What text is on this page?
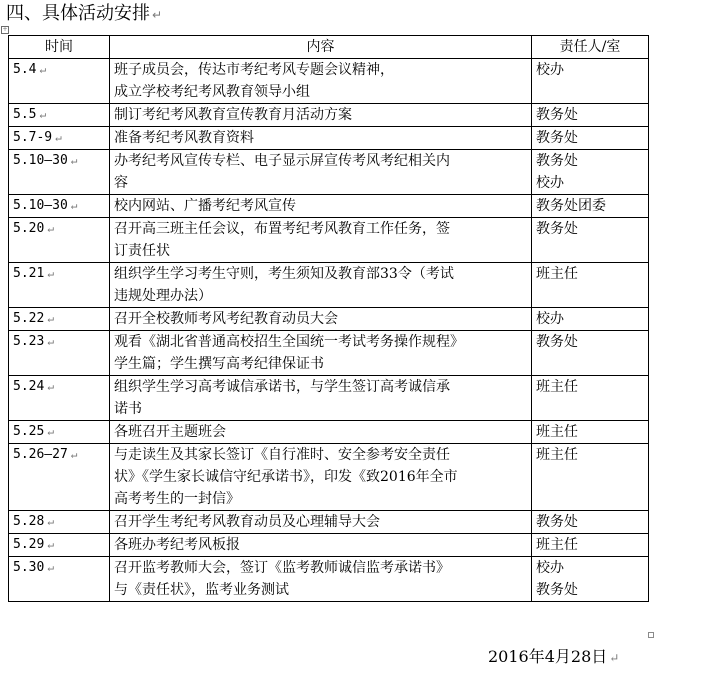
四、具体活动安排 ↵
+
时间	内容	责任人/室
5.4 ↵	班子成员会，传达市考纪考风专题会议精神，
成立学校考纪考风教育领导小组	校办

5.5 ↵	制订考纪考风教育宣传教育月活动方案	教务处

5.7-9 ↵	准备考纪考风教育资料	教务处

5.10—30 ↵	办考纪考风宣传专栏、电子显示屏宣传考风考纪相关内
容	教务处
校办

5.10—30 ↵	校内网站、广播考纪考风宣传	教务处团委

5.20 ↵	召开高三班主任会议，布置考纪考风教育工作任务，签
订责任状	教务处

5.21 ↵	组织学生学习考生守则，考生须知及教育部33令（考试
违规处理办法）	班主任

5.22 ↵	召开全校教师考风考纪教育动员大会	校办

5.23 ↵	观看《湖北省普通高校招生全国统一考试考务操作规程》
学生篇；学生撰写高考纪律保证书	教务处

5.24 ↵	组织学生学习高考诚信承诺书，与学生签订高考诚信承
诺书	班主任

5.25 ↵	各班召开主题班会	班主任

5.26—27 ↵	与走读生及其家长签订《自行准时、安全参考安全责任
状》《学生家长诚信守纪承诺书》，印发《致2016年全市
高考考生的一封信》	班主任

5.28 ↵	召开学生考纪考风教育动员及心理辅导大会	教务处

5.29 ↵	各班办考纪考风板报	班主任

5.30 ↵	召开监考教师大会，签订《监考教师诚信监考承诺书》
与《责任状》，监考业务测试	校办
教务处
2016年4月28日 ↵
